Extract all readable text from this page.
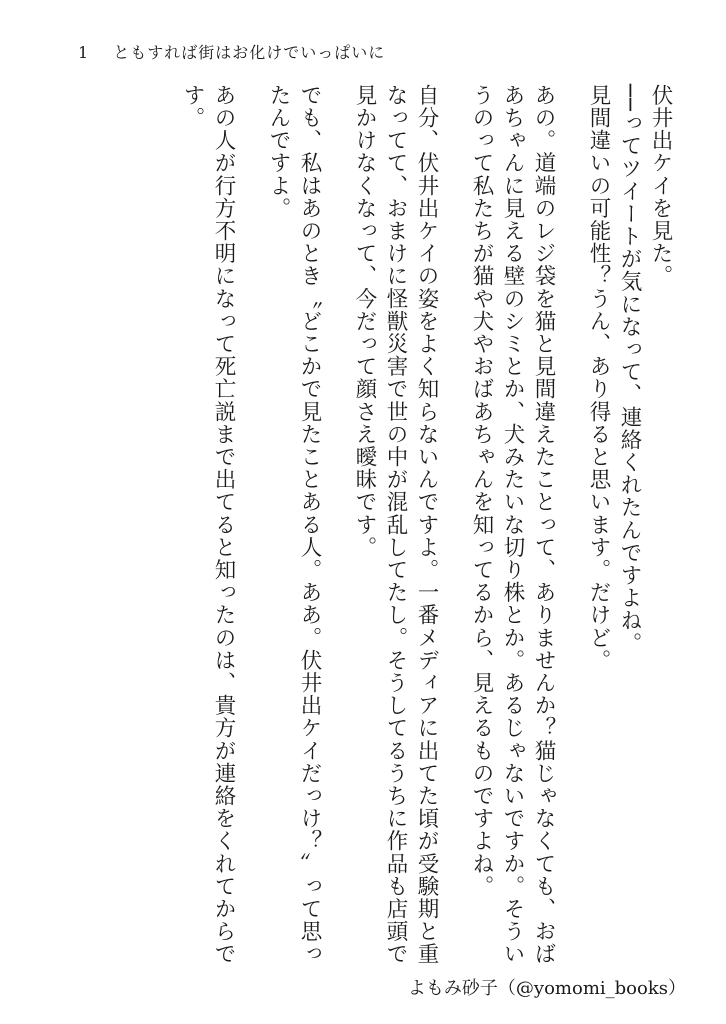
1 ともすれば街はお化けでいっぱいに

伏井出ケイを見た。

──ってツイートが気になって、連絡くれたんですよね。

見間違いの可能性？うん、あり得ると思います。だけど。

あの。道端のレジ袋を猫と見間違えたことって、ありませんか？猫じゃなくても、おばあちゃんに見える壁のシミとか、犬みたいな切り株とか。あるじゃないですか。そういうのって私たちが猫や犬やおばあちゃんを知ってるから、見えるものですよね。

自分、伏井出ケイの姿をよく知らないんですよ。一番メディアに出てた頃が受験期と重なってて、おまけに怪獣災害で世の中が混乱してたし。そうしてるうちに作品も店頭で見かけなくなって、今だって顔さえ曖昧です。

でも、私はあのとき〝どこかで見たことある人。ああ。伏井出ケイだっけ？〟って思ったんですよ。

あの人が行方不明になって死亡説まで出てると知ったのは、貴方が連絡をくれてからです。

よもみ砂子（@yomomi_books）
